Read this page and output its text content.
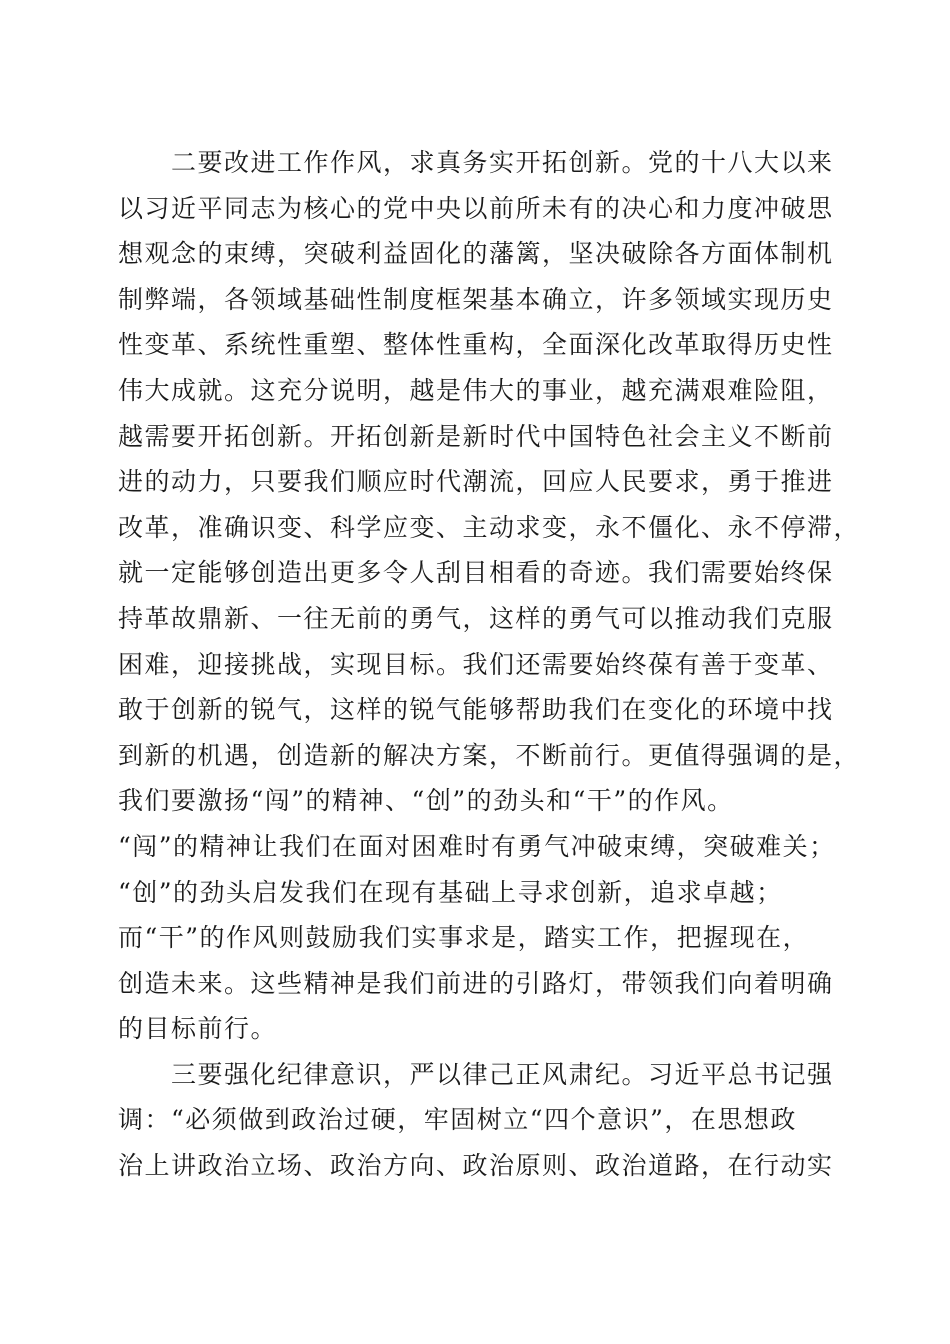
　　二要改进工作作风，求真务实开拓创新。党的十八大以来
以习近平同志为核心的党中央以前所未有的决心和力度冲破思
想观念的束缚，突破利益固化的藩篱，坚决破除各方面体制机
制弊端，各领域基础性制度框架基本确立，许多领域实现历史
性变革、系统性重塑、整体性重构，全面深化改革取得历史性
伟大成就。这充分说明，越是伟大的事业，越充满艰难险阻，
越需要开拓创新。开拓创新是新时代中国特色社会主义不断前
进的动力，只要我们顺应时代潮流，回应人民要求，勇于推进
改革，准确识变、科学应变、主动求变，永不僵化、永不停滞，
就一定能够创造出更多令人刮目相看的奇迹。我们需要始终保
持革故鼎新、一往无前的勇气，这样的勇气可以推动我们克服
困难，迎接挑战，实现目标。我们还需要始终葆有善于变革、
敢于创新的锐气，这样的锐气能够帮助我们在变化的环境中找
到新的机遇，创造新的解决方案，不断前行。更值得强调的是，
我们要激扬“闯”的精神、“创”的劲头和“干”的作风。
“闯”的精神让我们在面对困难时有勇气冲破束缚，突破难关；
“创”的劲头启发我们在现有基础上寻求创新，追求卓越；
而“干”的作风则鼓励我们实事求是，踏实工作，把握现在，
创造未来。这些精神是我们前进的引路灯，带领我们向着明确
的目标前行。
　　三要强化纪律意识，严以律己正风肃纪。习近平总书记强
调：“必须做到政治过硬，牢固树立“四个意识”，在思想政
治上讲政治立场、政治方向、政治原则、政治道路，在行动实
